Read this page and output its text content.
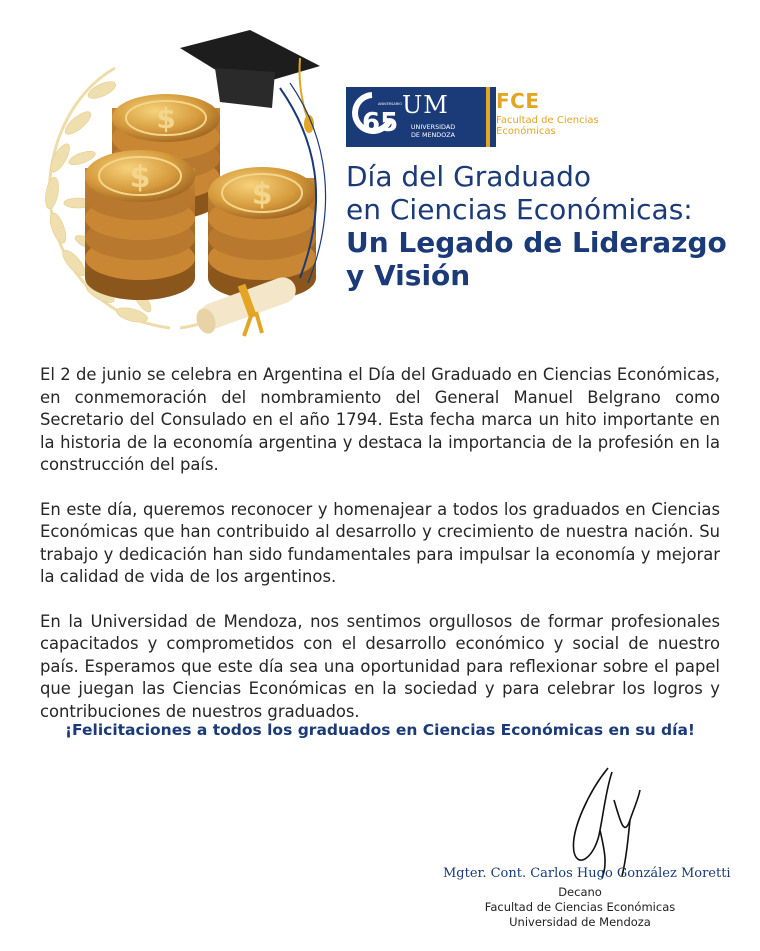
$
$	$
65
ANIVERSARIO UM
UNIVERSIDAD
DE MENDOZA
FCE
Facultad de Ciencias
Económicas
Día del Graduado
en Ciencias Económicas:
Un Legado de Liderazgo
y Visión

El 2 de junio se celebra en Argentina el Día del Graduado en Ciencias Económicas, en conmemoración del nombramiento del General Manuel Belgrano como Secretario del Consulado en el año 1794. Esta fecha marca un hito importante en la historia de la economía argentina y destaca la importancia de la profesión en la construcción del país.

En este día, queremos reconocer y homenajear a todos los graduados en Ciencias Económicas que han contribuido al desarrollo y crecimiento de nuestra nación. Su trabajo y dedicación han sido fundamentales para impulsar la economía y mejorar la calidad de vida de los argentinos.

En la Universidad de Mendoza, nos sentimos orgullosos de formar profesionales capacitados y comprometidos con el desarrollo económico y social de nuestro país. Esperamos que este día sea una oportunidad para reflexionar sobre el papel que juegan las Ciencias Económicas en la sociedad y para celebrar los logros y contribuciones de nuestros graduados.

¡Felicitaciones a todos los graduados en Ciencias Económicas en su día!
Mgter. Cont. Carlos Hugo González Moretti
Decano
Facultad de Ciencias Económicas
Universidad de Mendoza
